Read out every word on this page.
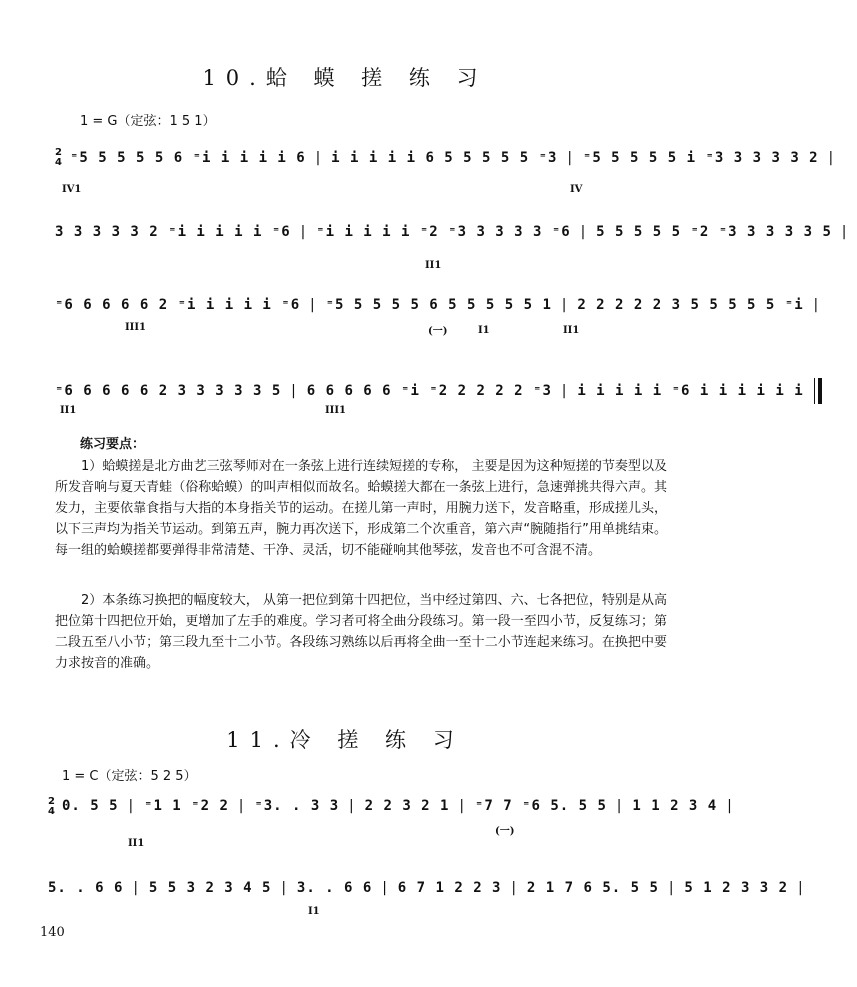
10.蛤 蟆 搓 练 习
1 = G（定弦：1 5 1）
2
4 ⁼5 5 5 5 5 6 ⁼i i i i i 6 | i i i i i 6 5 5 5 5 5 ⁼3 | ⁼5 5 5 5 5 i ⁼3 3 3 3 3 2 |
IV1	IV
3 3 3 3 3 2 ⁼i i i i i ⁼6 | ⁼i i i i i ⁼2 ⁼3 3 3 3 3 ⁼6 | 5 5 5 5 5 ⁼2 ⁼3 3 3 3 3 5 |
II1
⁼6 6 6 6 6 2 ⁼i i i i i ⁼6 | ⁼5 5 5 5 5 6 5 5 5 5 5 1 | 2 2 2 2 2 3 5 5 5 5 5 ⁼i |
III1	(一)	I1	II1
⁼6 6 6 6 6 2 3 3 3 3 3 5 | 6 6 6 6 6 ⁼i ⁼2 2 2 2 2 ⁼3 | i i i i i ⁼6 i i i i i i
II1	III1
练习要点：
1）蛤蟆搓是北方曲艺三弦琴师对在一条弦上进行连续短搓的专称， 主要是因为这种短搓的节奏型以及所发音响与夏天青蛙（俗称蛤蟆）的叫声相似而故名。蛤蟆搓大都在一条弦上进行，急速弹挑共得六声。其发力，主要依靠食指与大指的本身指关节的运动。在搓儿第一声时，用腕力送下，发音略重，形成搓儿头，以下三声均为指关节运动。到第五声，腕力再次送下，形成第二个次重音，第六声“腕随指行”用单挑结束。每一组的蛤蟆搓都要弹得非常清楚、干净、灵活，切不能碰响其他琴弦，发音也不可含混不清。
2）本条练习换把的幅度较大， 从第一把位到第十四把位，当中经过第四、六、七各把位，特别是从高把位第十四把位开始，更增加了左手的难度。学习者可将全曲分段练习。第一段一至四小节，反复练习；第二段五至八小节；第三段九至十二小节。各段练习熟练以后再将全曲一至十二小节连起来练习。在换把中要力求按音的准确。
11.冷 搓 练 习
1 = C（定弦：5 2 5）
2
4 0. 5 5 | ⁼1 1 ⁼2 2 | ⁼3. . 3 3 | 2 2 3 2 1 | ⁼7 7 ⁼6 5. 5 5 | 1 1 2 3 4 |
II1
(一)
5. . 6 6 | 5 5 3 2 3 4 5 | 3. . 6 6 | 6 7 1 2 2 3 | 2 1 7 6 5. 5 5 | 5 1 2 3 3 2 |
I1
140
